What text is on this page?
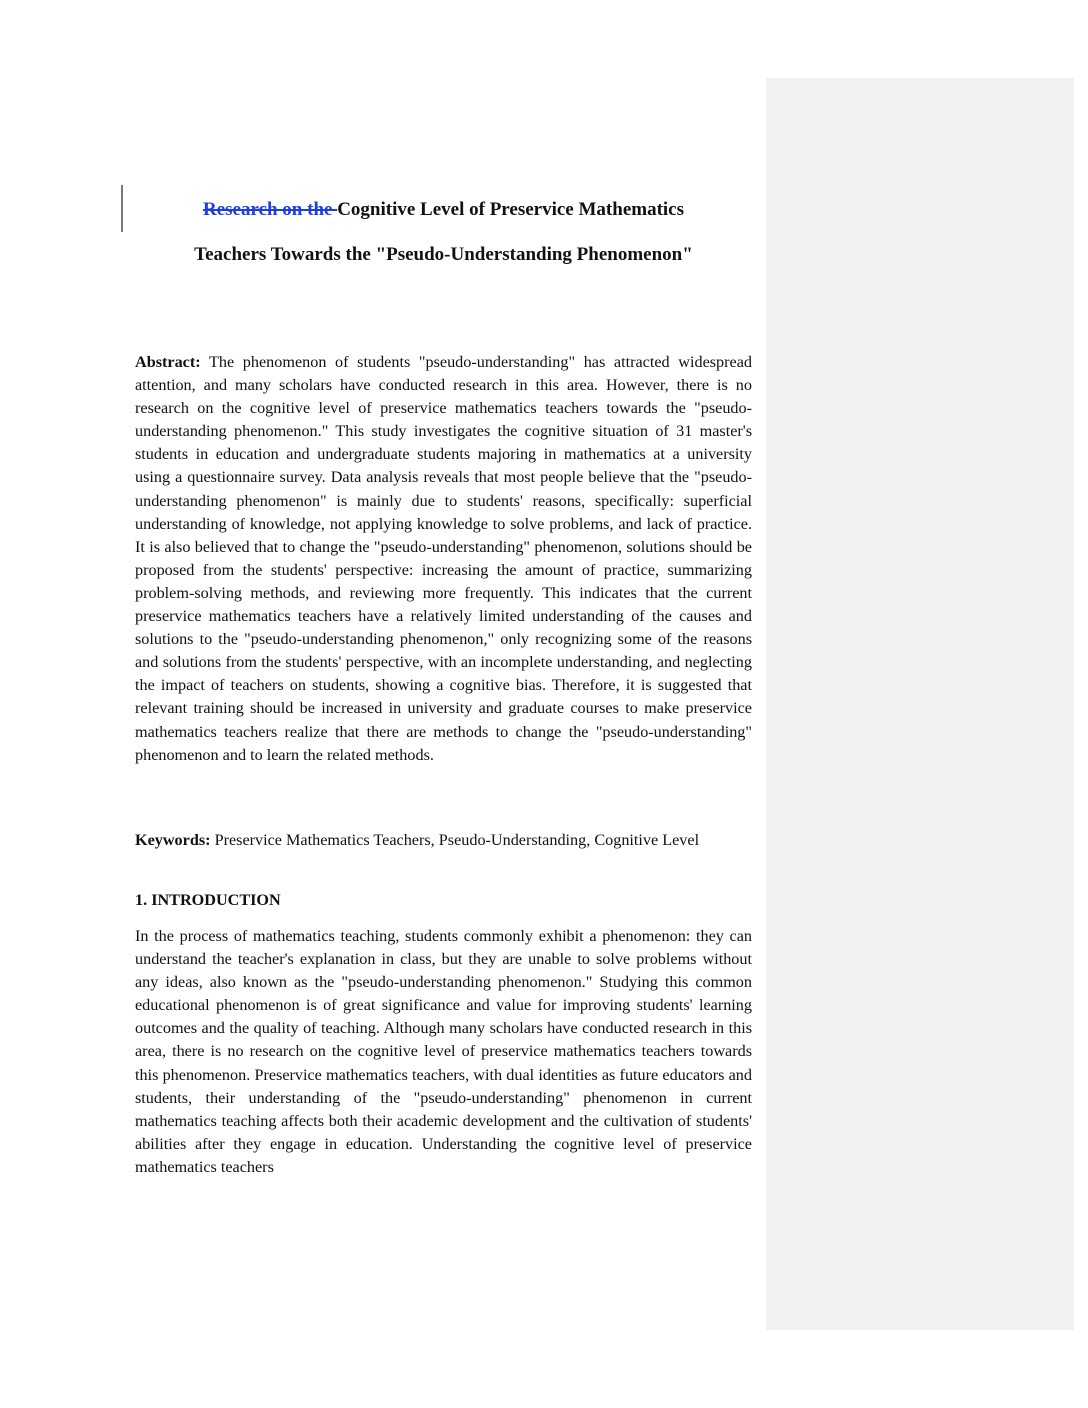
Research on the Cognitive Level of Preservice Mathematics
Teachers Towards the "Pseudo-Understanding Phenomenon"

Abstract: The phenomenon of students "pseudo-understanding" has attracted widespread attention, and many scholars have conducted research in this area. However, there is no research on the cognitive level of preservice mathematics teachers towards the "pseudo-understanding phenomenon." This study investigates the cognitive situation of 31 master's students in education and undergraduate students majoring in mathematics at a university using a questionnaire survey. Data analysis reveals that most people believe that the "pseudo-understanding phenomenon" is mainly due to students' reasons, specifically: superficial understanding of knowledge, not applying knowledge to solve problems, and lack of practice. It is also believed that to change the "pseudo-understanding" phenomenon, solutions should be proposed from the students' perspective: increasing the amount of practice, summarizing problem-solving methods, and reviewing more frequently. This indicates that the current preservice mathematics teachers have a relatively limited understanding of the causes and solutions to the "pseudo-understanding phenomenon," only recognizing some of the reasons and solutions from the students' perspective, with an incomplete understanding, and neglecting the impact of teachers on students, showing a cognitive bias. Therefore, it is suggested that relevant training should be increased in university and graduate courses to make preservice mathematics teachers realize that there are methods to change the "pseudo-understanding" phenomenon and to learn the related methods.

Keywords: Preservice Mathematics Teachers, Pseudo-Understanding, Cognitive Level

1. INTRODUCTION

In the process of mathematics teaching, students commonly exhibit a phenomenon: they can understand the teacher's explanation in class, but they are unable to solve problems without any ideas, also known as the "pseudo-understanding phenomenon." Studying this common educational phenomenon is of great significance and value for improving students' learning outcomes and the quality of teaching. Although many scholars have conducted research in this area, there is no research on the cognitive level of preservice mathematics teachers towards this phenomenon. Preservice mathematics teachers, with dual identities as future educators and students, their understanding of the "pseudo-understanding" phenomenon in current mathematics teaching affects both their academic development and the cultivation of students' abilities after they engage in education. Understanding the cognitive level of preservice mathematics teachers
